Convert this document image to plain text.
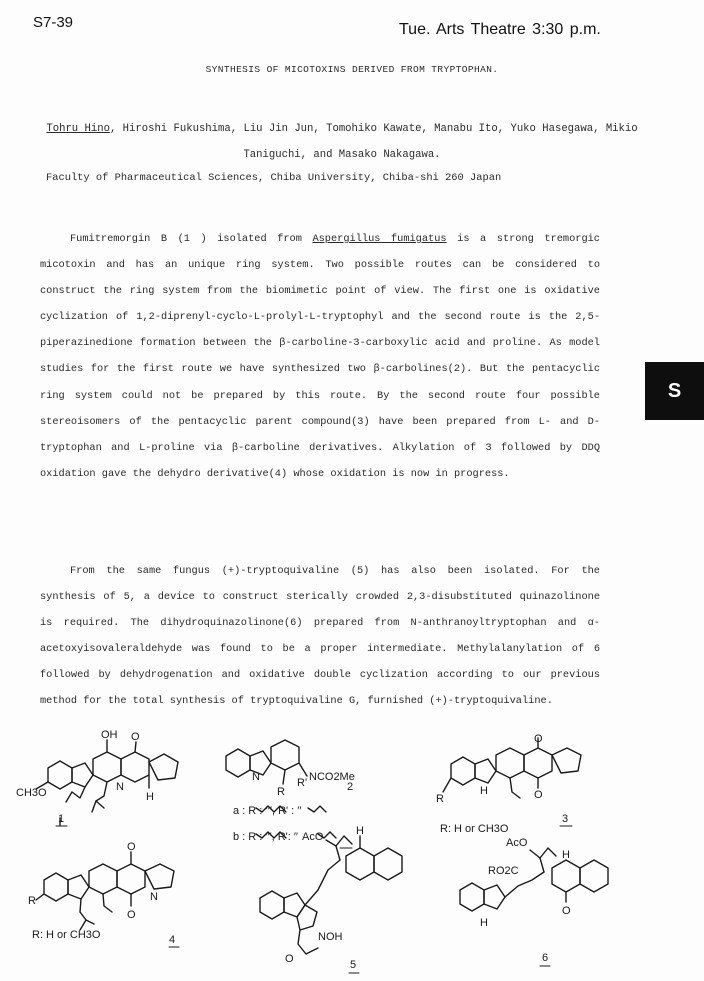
S7-39	Tue. Arts Theatre 3:30 p.m.
SYNTHESIS OF MICOTOXINS DERIVED FROM TRYPTOPHAN.
Tohru Hino, Hiroshi Fukushima, Liu Jin Jun, Tomohiko Kawate, Manabu Ito, Yuko Hasegawa, Mikio Taniguchi, and Masako Nakagawa.
Faculty of Pharmaceutical Sciences, Chiba University, Chiba-shi 260 Japan
Fumitremorgin B (1 ) isolated from Aspergillus fumigatus is a strong tremorgic micotoxin and has an unique ring system. Two possible routes can be considered to construct the ring system from the biomimetic point of view. The first one is oxidative cyclization of 1,2-diprenyl-cyclo-L-prolyl-L-tryptophyl and the second route is the 2,5-piperazinedione formation between the β-carboline-3-carboxylic acid and proline. As model studies for the first route we have synthesized two β-carbolines(2). But the pentacyclic ring system could not be prepared by this route. By the second route four possible stereoisomers of the pentacyclic parent compound(3) have been prepared from L- and D-tryptophan and L-proline via β-carboline derivatives. Alkylation of 3 followed by DDQ oxidation gave the dehydro derivative(4) whose oxidation is now in progress.
From the same fungus (+)-tryptoquivaline (5) has also been isolated. For the synthesis of 5, a device to construct sterically crowded 2,3-disubstituted quinazolinone is required. The dihydroquinazolinone(6) prepared from N-anthranoyltryptophan and α- acetoxyisovaleraldehyde was found to be a proper intermediate. Methylalanylation of 6 followed by dehydrogenation and oxidative double cyclization according to our previous method for the total synthesis of tryptoquivaline G, furnished (+)-tryptoquivaline.
S
CH3O
OH O
H
N
1
R
R' NCO2Me
N
2
a : R : ’′′, R' : ′′
b : R : ′′′, R': ′′
R
R: H or CH3O
O
O
H
3
R
R: H or CH3O
O
O
N
4
AcO
NOH
H
O	5
AcO
RO2C
H
O
H
6
